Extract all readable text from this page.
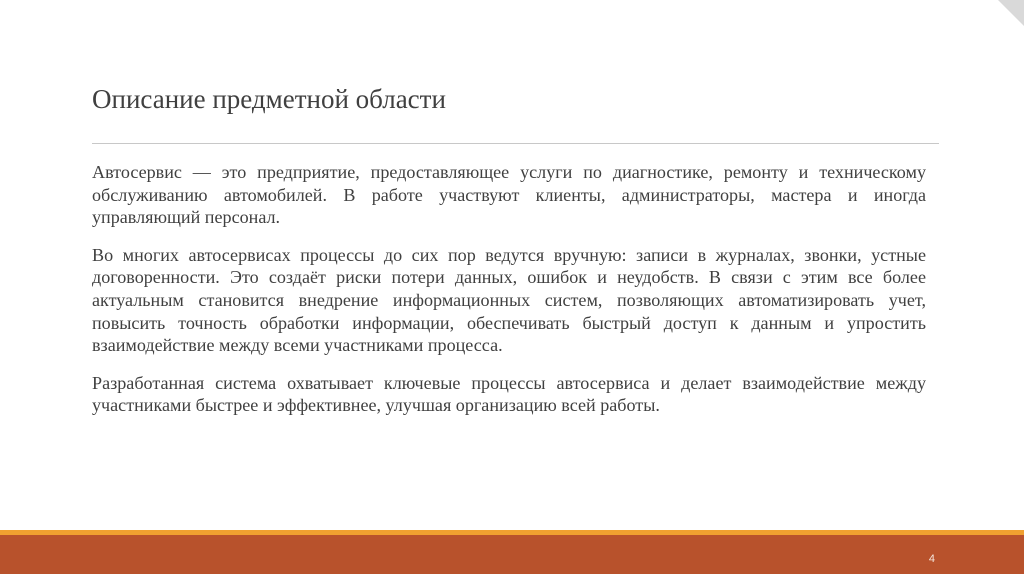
Описание предметной области

Автосервис — это предприятие, предоставляющее услуги по диагностике, ремонту и техническому обслуживанию автомобилей. В работе участвуют клиенты, администраторы, мастера и иногда управляющий персонал.

Во многих автосервисах процессы до сих пор ведутся вручную: записи в журналах, звонки, устные договоренности. Это создаёт риски потери данных, ошибок и неудобств. В связи с этим все более актуальным становится внедрение информационных систем, позволяющих автоматизировать учет, повысить точность обработки информации, обеспечивать быстрый доступ к данным и упростить взаимодействие между всеми участниками процесса.

Разработанная система охватывает ключевые процессы автосервиса и делает взаимодействие между участниками быстрее и эффективнее, улучшая организацию всей работы.

4
